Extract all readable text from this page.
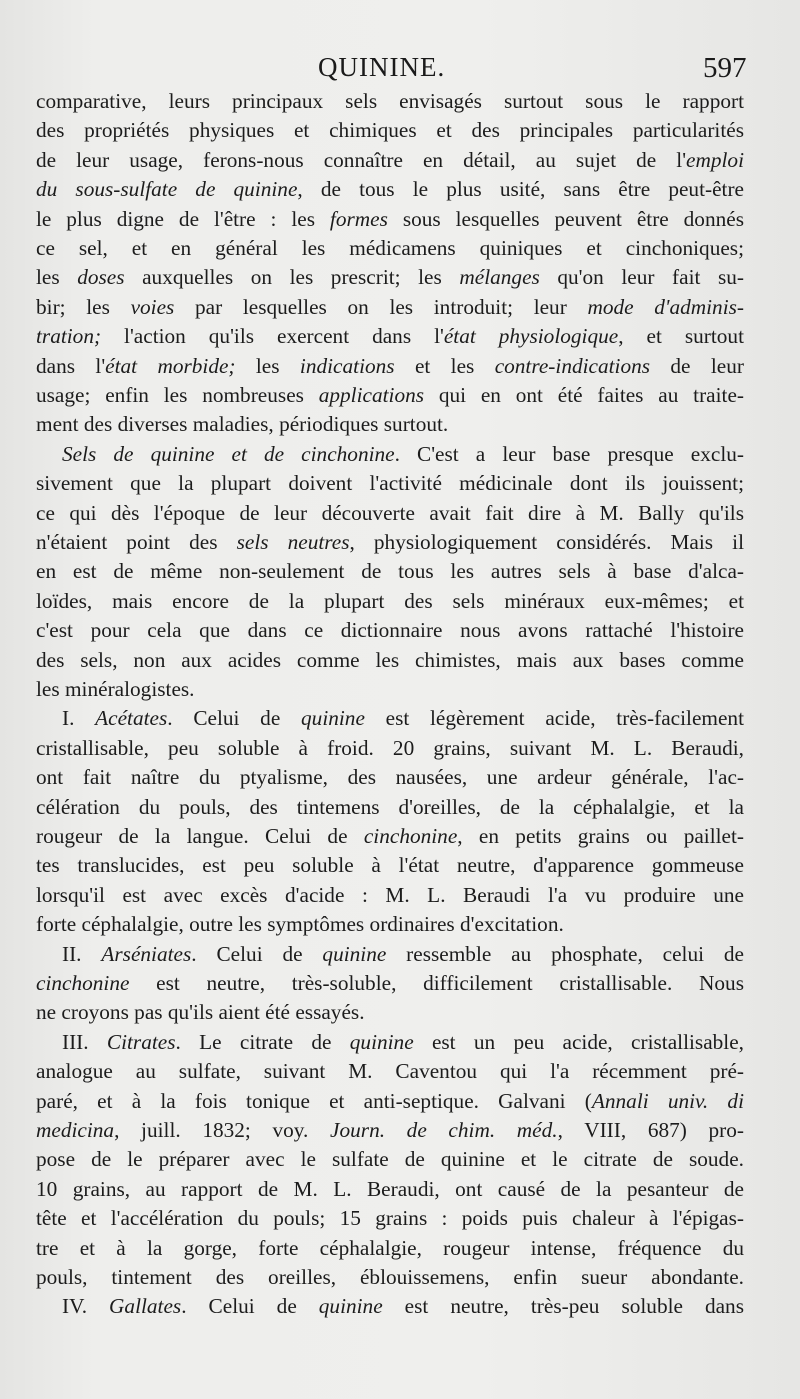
QUININE.	597
comparative, leurs principaux sels envisagés surtout sous le rapport
des propriétés physiques et chimiques et des principales particularités
de leur usage, ferons-nous connaître en détail, au sujet de l'emploi
du sous-sulfate de quinine, de tous le plus usité, sans être peut-être
le plus digne de l'être : les formes sous lesquelles peuvent être donnés
ce sel, et en général les médicamens quiniques et cinchoniques;
les doses auxquelles on les prescrit; les mélanges qu'on leur fait su-
bir; les voies par lesquelles on les introduit; leur mode d'adminis-
tration; l'action qu'ils exercent dans l'état physiologique, et surtout
dans l'état morbide; les indications et les contre-indications de leur
usage; enfin les nombreuses applications qui en ont été faites au traite-
ment des diverses maladies, périodiques surtout.
Sels de quinine et de cinchonine. C'est a leur base presque exclu-
sivement que la plupart doivent l'activité médicinale dont ils jouissent;
ce qui dès l'époque de leur découverte avait fait dire à M. Bally qu'ils
n'étaient point des sels neutres, physiologiquement considérés. Mais il
en est de même non-seulement de tous les autres sels à base d'alca-
loïdes, mais encore de la plupart des sels minéraux eux-mêmes; et
c'est pour cela que dans ce dictionnaire nous avons rattaché l'histoire
des sels, non aux acides comme les chimistes, mais aux bases comme
les minéralogistes.
I. Acétates. Celui de quinine est légèrement acide, très-facilement
cristallisable, peu soluble à froid. 20 grains, suivant M. L. Beraudi,
ont fait naître du ptyalisme, des nausées, une ardeur générale, l'ac-
célération du pouls, des tintemens d'oreilles, de la céphalalgie, et la
rougeur de la langue. Celui de cinchonine, en petits grains ou paillet-
tes translucides, est peu soluble à l'état neutre, d'apparence gommeuse
lorsqu'il est avec excès d'acide : M. L. Beraudi l'a vu produire une
forte céphalalgie, outre les symptômes ordinaires d'excitation.
II. Arséniates. Celui de quinine ressemble au phosphate, celui de
cinchonine est neutre, très-soluble, difficilement cristallisable. Nous
ne croyons pas qu'ils aient été essayés.
III. Citrates. Le citrate de quinine est un peu acide, cristallisable,
analogue au sulfate, suivant M. Caventou qui l'a récemment pré-
paré, et à la fois tonique et anti-septique. Galvani (Annali univ. di
medicina, juill. 1832; voy. Journ. de chim. méd., VIII, 687) pro-
pose de le préparer avec le sulfate de quinine et le citrate de soude.
10 grains, au rapport de M. L. Beraudi, ont causé de la pesanteur de
tête et l'accélération du pouls; 15 grains : poids puis chaleur à l'épigas-
tre et à la gorge, forte céphalalgie, rougeur intense, fréquence du
pouls, tintement des oreilles, éblouissemens, enfin sueur abondante.
IV. Gallates. Celui de quinine est neutre, très-peu soluble dans
